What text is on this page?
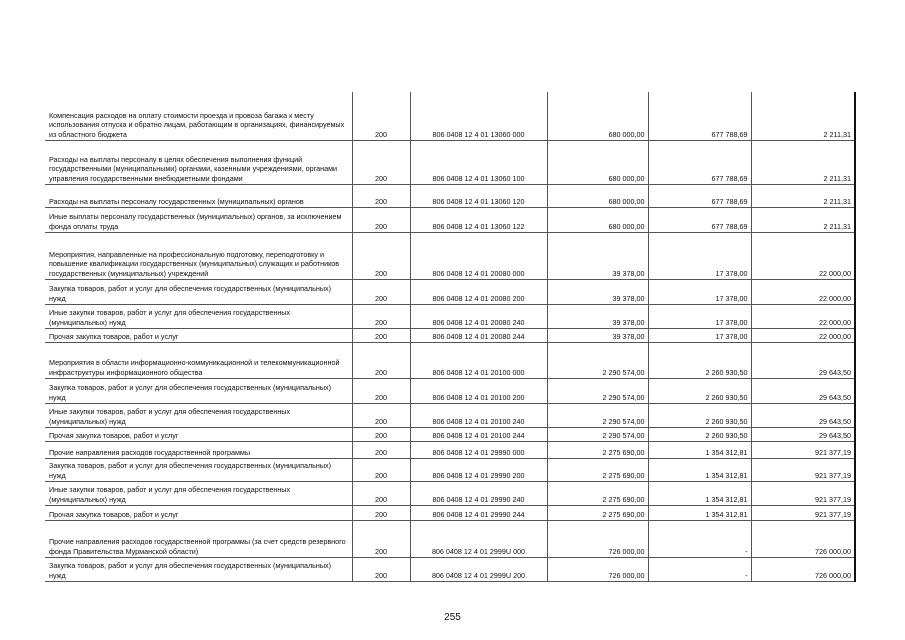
Компенсация расходов на оплату стоимости проезда и провоза багажа к месту использования отпуска и обратно лицам, работающим в организациях, финансируемых из областного бюджета	200	806 0408 12 4 01 13060 000	680 000,00	677 788,69	2 211,31
Расходы на выплаты персоналу в целях обеспечения выполнения функций государственными (муниципальными) органами, казенными учреждениями, органами управления государственными внебюджетными фондами	200	806 0408 12 4 01 13060 100	680 000,00	677 788,69	2 211,31
Расходы на выплаты персоналу государственных (муниципальных) органов	200	806 0408 12 4 01 13060 120	680 000,00	677 788,69	2 211,31
Иные выплаты персоналу государственных (муниципальных) органов, за исключением фонда оплаты труда	200	806 0408 12 4 01 13060 122	680 000,00	677 788,69	2 211,31
Мероприятия, направленные на профессиональную подготовку, переподготовку и повышение квалификации государственных (муниципальных) служащих и работников государственных (муниципальных) учреждений	200	806 0408 12 4 01 20080 000	39 378,00	17 378,00	22 000,00
Закупка товаров, работ и услуг для обеспечения государственных (муниципальных) нужд	200	806 0408 12 4 01 20080 200	39 378,00	17 378,00	22 000,00
Иные закупки товаров, работ и услуг для обеспечения государственных (муниципальных) нужд	200	806 0408 12 4 01 20080 240	39 378,00	17 378,00	22 000,00
Прочая закупка товаров, работ и услуг	200	806 0408 12 4 01 20080 244	39 378,00	17 378,00	22 000,00
Мероприятия в области информационно-коммуникационной и телекоммуникационной инфраструктуры информационного общества	200	806 0408 12 4 01 20100 000	2 290 574,00	2 260 930,50	29 643,50
Закупка товаров, работ и услуг для обеспечения государственных (муниципальных) нужд	200	806 0408 12 4 01 20100 200	2 290 574,00	2 260 930,50	29 643,50
Иные закупки товаров, работ и услуг для обеспечения государственных (муниципальных) нужд	200	806 0408 12 4 01 20100 240	2 290 574,00	2 260 930,50	29 643,50
Прочая закупка товаров, работ и услуг	200	806 0408 12 4 01 20100 244	2 290 574,00	2 260 930,50	29 643,50
Прочие направления расходов государственной программы	200	806 0408 12 4 01 29990 000	2 275 690,00	1 354 312,81	921 377,19
Закупка товаров, работ и услуг для обеспечения государственных (муниципальных) нужд	200	806 0408 12 4 01 29990 200	2 275 690,00	1 354 312,81	921 377,19
Иные закупки товаров, работ и услуг для обеспечения государственных (муниципальных) нужд	200	806 0408 12 4 01 29990 240	2 275 690,00	1 354 312,81	921 377,19
Прочая закупка товаров, работ и услуг	200	806 0408 12 4 01 29990 244	2 275 690,00	1 354 312,81	921 377,19
Прочие направления расходов государственной программы (за счет средств резервного фонда Правительства Мурманской области)	200	806 0408 12 4 01 2999U 000	726 000,00	-	726 000,00
Закупка товаров, работ и услуг для обеспечения государственных (муниципальных) нужд	200	806 0408 12 4 01 2999U 200	726 000,00	-	726 000,00
255
